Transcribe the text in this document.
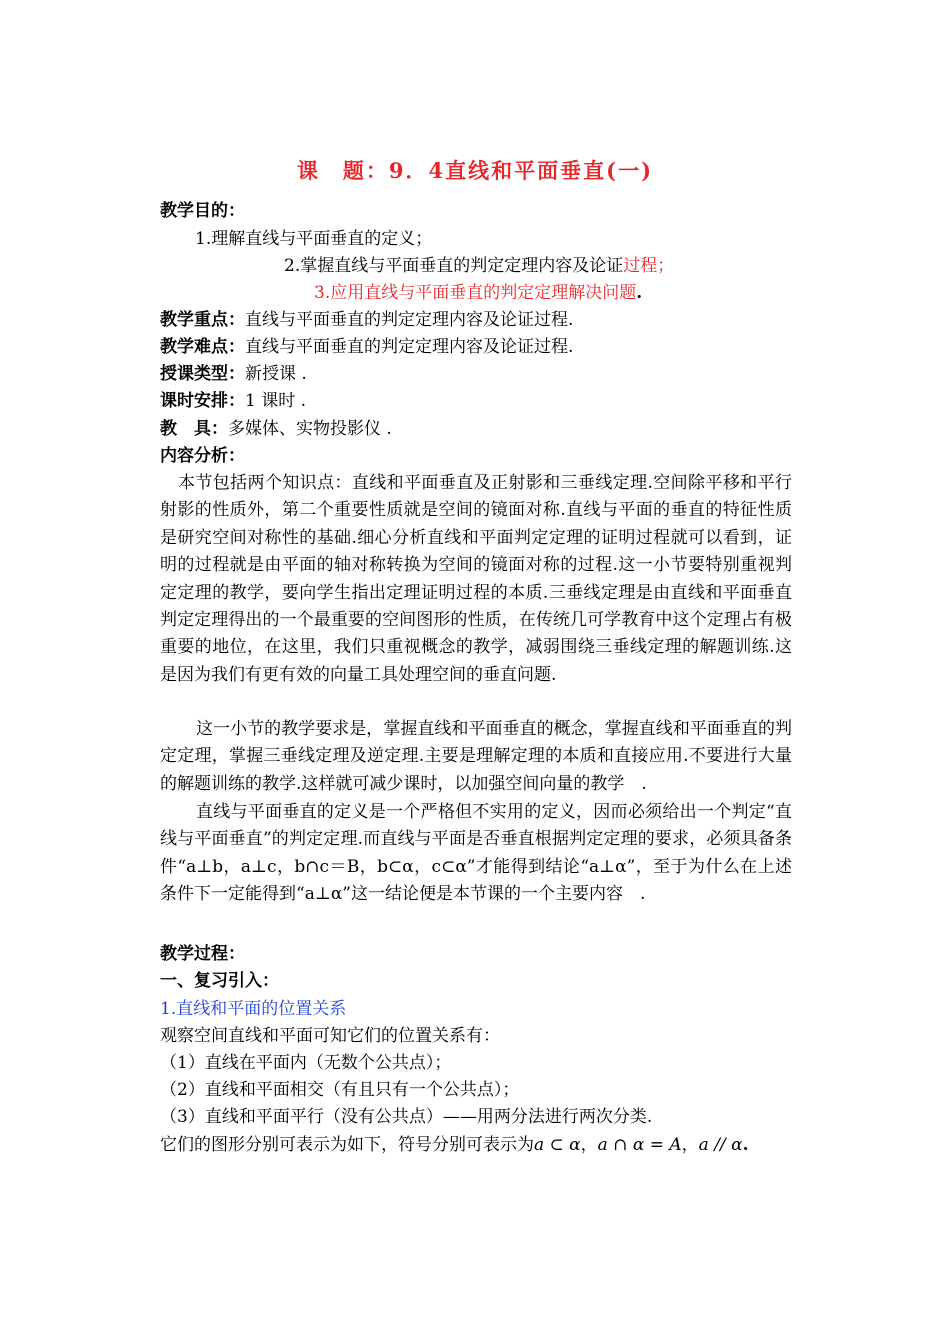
课　题：9．4直线和平面垂直(一)
教学目的：
1.理解直线与平面垂直的定义；
2.掌握直线与平面垂直的判定定理内容及论证过程；
3.应用直线与平面垂直的判定定理解决问题.
教学重点：直线与平面垂直的判定定理内容及论证过程.
教学难点：直线与平面垂直的判定定理内容及论证过程.
授课类型：新授课 .
课时安排：1 课时 .
教　具：多媒体、实物投影仪 .
内容分析：
本节包括两个知识点：直线和平面垂直及正射影和三垂线定理.空间除平移和平行射影的性质外，第二个重要性质就是空间的镜面对称.直线与平面的垂直的特征性质是研究空间对称性的基础.细心分析直线和平面判定定理的证明过程就可以看到，证明的过程就是由平面的轴对称转换为空间的镜面对称的过程.这一小节要特别重视判定定理的教学，要向学生指出定理证明过程的本质.三垂线定理是由直线和平面垂直判定定理得出的一个最重要的空间图形的性质，在传统几可学教育中这个定理占有极重要的地位，在这里，我们只重视概念的教学，减弱围绕三垂线定理的解题训练.这是因为我们有更有效的向量工具处理空间的垂直问题.
这一小节的教学要求是，掌握直线和平面垂直的概念，掌握直线和平面垂直的判定定理，掌握三垂线定理及逆定理.主要是理解定理的本质和直接应用.不要进行大量的解题训练的教学.这样就可减少课时，以加强空间向量的教学　.
直线与平面垂直的定义是一个严格但不实用的定义，因而必须给出一个判定“直线与平面垂直”的判定定理.而直线与平面是否垂直根据判定定理的要求，必须具备条件“a⊥b，a⊥c，b∩c＝B，b⊂α，c⊂α”才能得到结论“a⊥α”，至于为什么在上述条件下一定能得到“a⊥α”这一结论便是本节课的一个主要内容　.
教学过程：
一、复习引入：
1.直线和平面的位置关系
观察空间直线和平面可知它们的位置关系有：
（1）直线在平面内（无数个公共点）；
（2）直线和平面相交（有且只有一个公共点）；
（3）直线和平面平行（没有公共点）——用两分法进行两次分类.
它们的图形分别可表示为如下，符号分别可表示为a ⊂ α，a ∩ α = A，a // α.
